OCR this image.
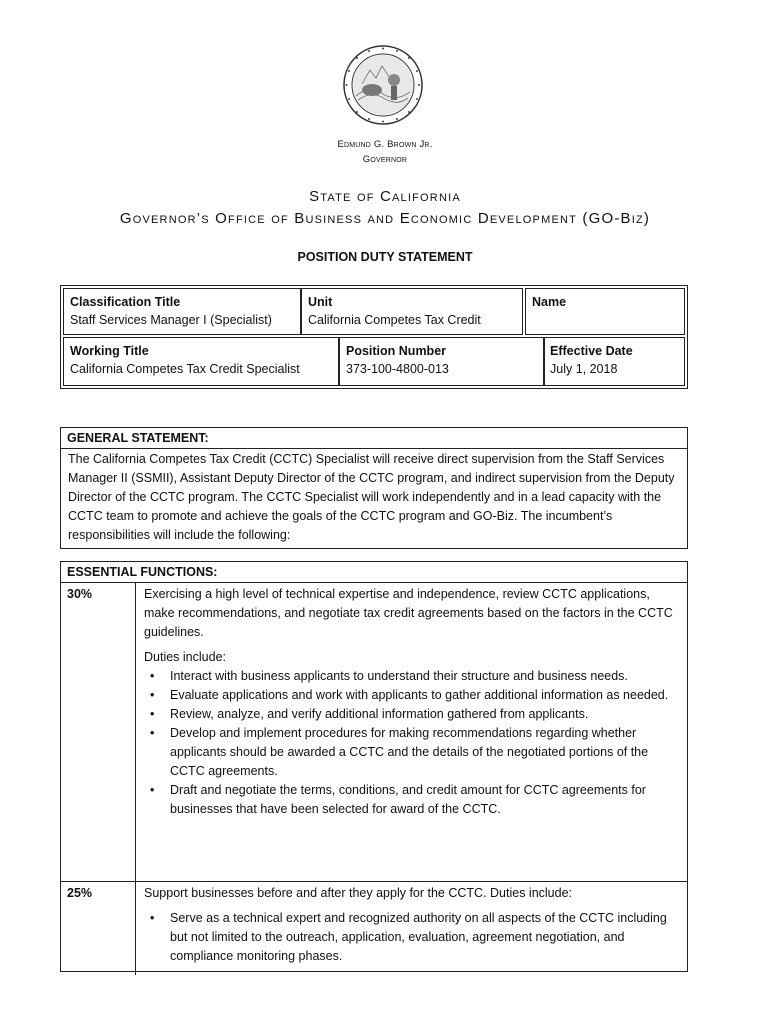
Edmund G. Brown Jr.
Governor
State of California
Governor’s Office of Business and Economic Development (GO-Biz)
POSITION DUTY STATEMENT
Classification Title
Staff Services Manager I (Specialist)
Unit
California Competes Tax Credit
Name
Working Title
California Competes Tax Credit Specialist
Position Number
373-100-4800-013
Effective Date
July 1, 2018
GENERAL STATEMENT:
The California Competes Tax Credit (CCTC) Specialist will receive direct supervision from the Staff Services Manager II (SSMII), Assistant Deputy Director of the CCTC program, and indirect supervision from the Deputy Director of the CCTC program. The CCTC Specialist will work independently and in a lead capacity with the CCTC team to promote and achieve the goals of the CCTC program and GO-Biz. The incumbent’s responsibilities will include the following:
ESSENTIAL FUNCTIONS:
30%	Exercising a high level of technical expertise and independence, review CCTC applications, make recommendations, and negotiate tax credit agreements based on the factors in the CCTC guidelines.

Duties include:
• Interact with business applicants to understand their structure and business needs.
• Evaluate applications and work with applicants to gather additional information as needed.
• Review, analyze, and verify additional information gathered from applicants.
• Develop and implement procedures for making recommendations regarding whether applicants should be awarded a CCTC and the details of the negotiated portions of the CCTC agreements.
• Draft and negotiate the terms, conditions, and credit amount for CCTC agreements for businesses that have been selected for award of the CCTC.
25%	Support businesses before and after they apply for the CCTC. Duties include:

• Serve as a technical expert and recognized authority on all aspects of the CCTC including but not limited to the outreach, application, evaluation, agreement negotiation, and compliance monitoring phases.
